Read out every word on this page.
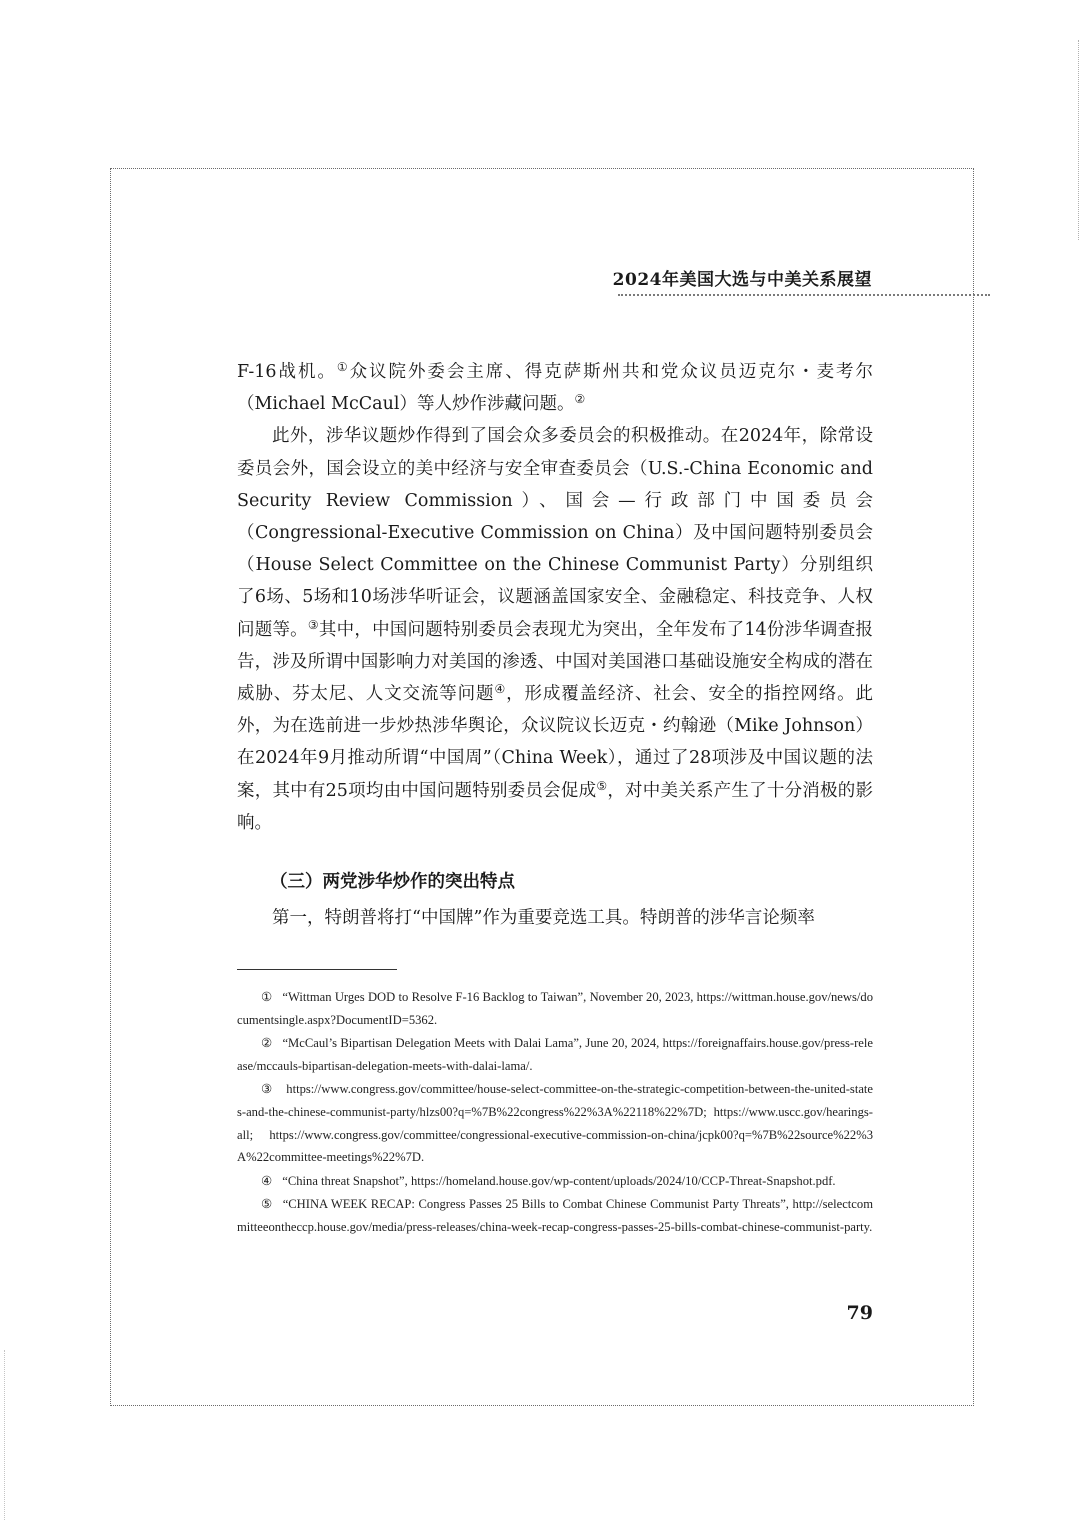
2024年美国大选与中美关系展望

F-16战机。①众议院外委会主席、得克萨斯州共和党众议员迈克尔・麦考尔（Michael McCaul）等人炒作涉藏问题。②

此外，涉华议题炒作得到了国会众多委员会的积极推动。在2024年，除常设委员会外，国会设立的美中经济与安全审查委员会（U.S.-China Economic and Security Review Commission）、国会—行政部门中国委员会（Congressional-Executive Commission on China）及中国问题特别委员会（House Select Committee on the Chinese Communist Party）分别组织了6场、5场和10场涉华听证会，议题涵盖国家安全、金融稳定、科技竞争、人权问题等。③其中，中国问题特别委员会表现尤为突出，全年发布了14份涉华调查报告，涉及所谓中国影响力对美国的渗透、中国对美国港口基础设施安全构成的潜在威胁、芬太尼、人文交流等问题④，形成覆盖经济、社会、安全的指控网络。此外，为在选前进一步炒热涉华舆论，众议院议长迈克・约翰逊（Mike Johnson）在2024年9月推动所谓“中国周”（China Week），通过了28项涉及中国议题的法案，其中有25项均由中国问题特别委员会促成⑤，对中美关系产生了十分消极的影响。

（三）两党涉华炒作的突出特点
第一，特朗普将打“中国牌”作为重要竞选工具。特朗普的涉华言论频率

① “Wittman Urges DOD to Resolve F-16 Backlog to Taiwan”, November 20, 2023, https://wittman.house.gov/news/documentsingle.aspx?DocumentID=5362.

② “McCaul’s Bipartisan Delegation Meets with Dalai Lama”, June 20, 2024, https://foreignaffairs.house.gov/press-release/mccauls-bipartisan-delegation-meets-with-dalai-lama/.

③ https://www.congress.gov/committee/house-select-committee-on-the-strategic-competition-between-the-united-states-and-the-chinese-communist-party/hlzs00?q=%7B%22congress%22%3A%22118%22%7D; https://www.uscc.gov/hearings-all; https://www.congress.gov/committee/congressional-executive-commission-on-china/jcpk00?q=%7B%22source%22%3A%22committee-meetings%22%7D.

④ “China threat Snapshot”, https://homeland.house.gov/wp-content/uploads/2024/10/CCP-Threat-Snapshot.pdf.

⑤ “CHINA WEEK RECAP: Congress Passes 25 Bills to Combat Chinese Communist Party Threats”, http://selectcommitteeontheccp.house.gov/media/press-releases/china-week-recap-congress-passes-25-bills-combat-chinese-communist-party.

79
